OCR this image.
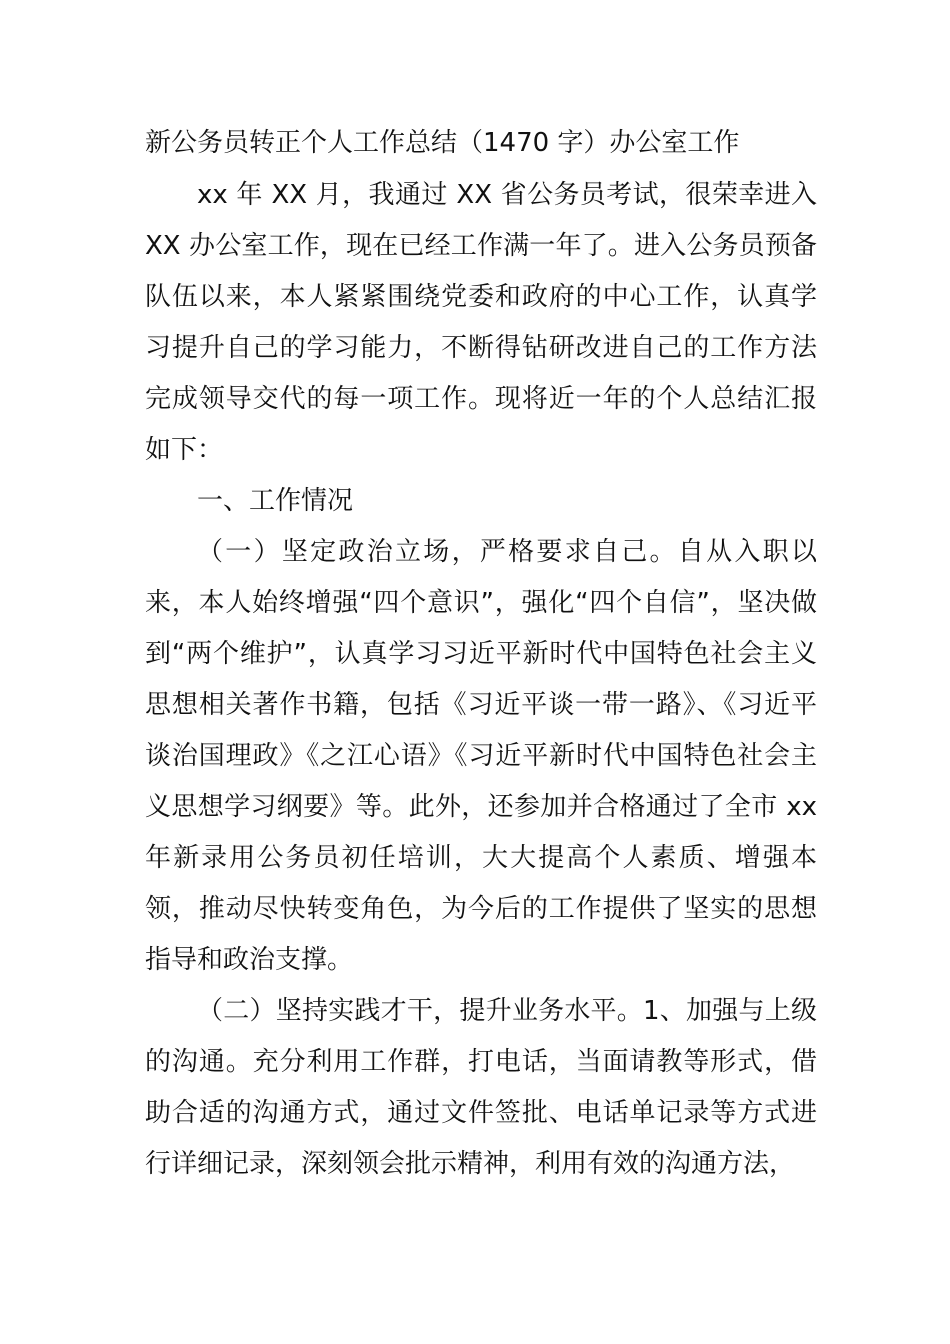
新公务员转正个人工作总结（1470 字）办公室工作

xx 年 XX 月，我通过 XX 省公务员考试，很荣幸进入 XX 办公室工作，现在已经工作满一年了。进入公务员预备队伍以来，本人紧紧围绕党委和政府的中心工作，认真学习提升自己的学习能力，不断得钻研改进自己的工作方法完成领导交代的每一项工作。现将近一年的个人总结汇报如下：

一、工作情况

（一）坚定政治立场，严格要求自己。自从入职以来，本人始终增强“四个意识”，强化“四个自信”，坚决做到“两个维护”，认真学习习近平新时代中国特色社会主义思想相关著作书籍，包括《习近平谈一带一路》、《习近平谈治国理政》《之江心语》《习近平新时代中国特色社会主义思想学习纲要》等。此外，还参加并合格通过了全市 xx 年新录用公务员初任培训，大大提高个人素质、增强本领，推动尽快转变角色，为今后的工作提供了坚实的思想指导和政治支撑。

（二）坚持实践才干，提升业务水平。1、加强与上级的沟通。充分利用工作群，打电话，当面请教等形式，借助合适的沟通方式，通过文件签批、电话单记录等方式进行详细记录，深刻领会批示精神，利用有效的沟通方法，
